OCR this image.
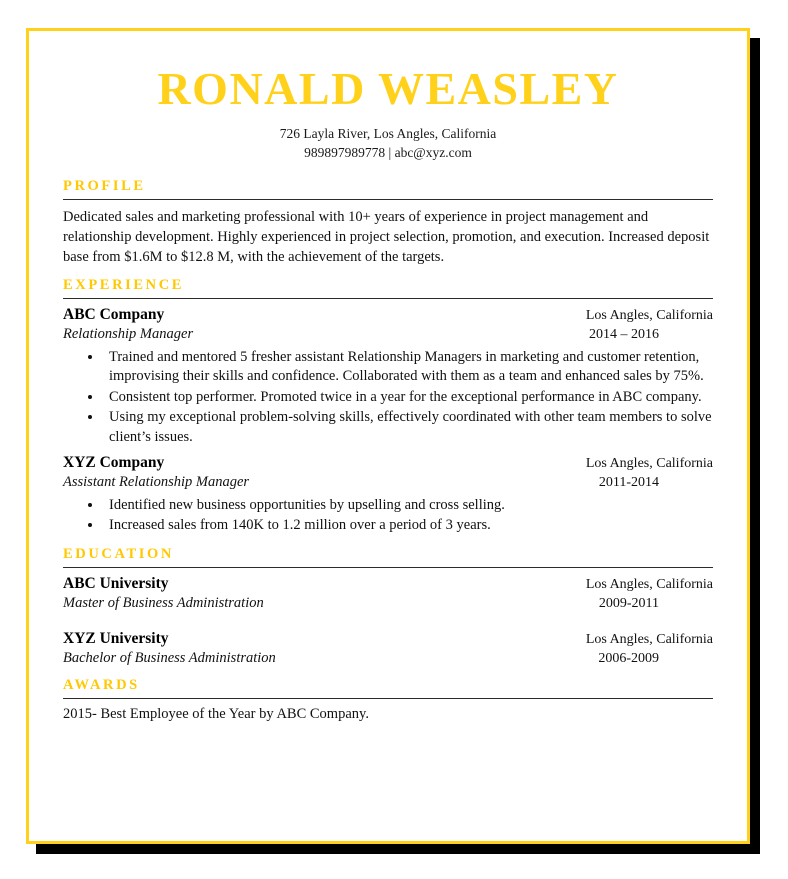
RONALD WEASLEY
726 Layla River, Los Angles, California
989897989778 | abc@xyz.com
PROFILE

Dedicated sales and marketing professional with 10+ years of experience in project management and relationship development. Highly experienced in project selection, promotion, and execution. Increased deposit base from $1.6M to $12.8 M, with the achievement of the targets.

EXPERIENCE
ABC Company	Los Angles, California
Relationship Manager	2014 – 2016
• Trained and mentored 5 fresher assistant Relationship Managers in marketing and customer retention, improvising their skills and confidence. Collaborated with them as a team and enhanced sales by 75%.
• Consistent top performer. Promoted twice in a year for the exceptional performance in ABC company.
• Using my exceptional problem-solving skills, effectively coordinated with other team members to solve client’s issues.
XYZ Company	Los Angles, California
Assistant Relationship Manager	2011-2014
• Identified new business opportunities by upselling and cross selling.
• Increased sales from 140K to 1.2 million over a period of 3 years.
EDUCATION
ABC University	Los Angles, California
Master of Business Administration	2009-2011
XYZ University	Los Angles, California
Bachelor of Business Administration	2006-2009
AWARDS
2015- Best Employee of the Year by ABC Company.
